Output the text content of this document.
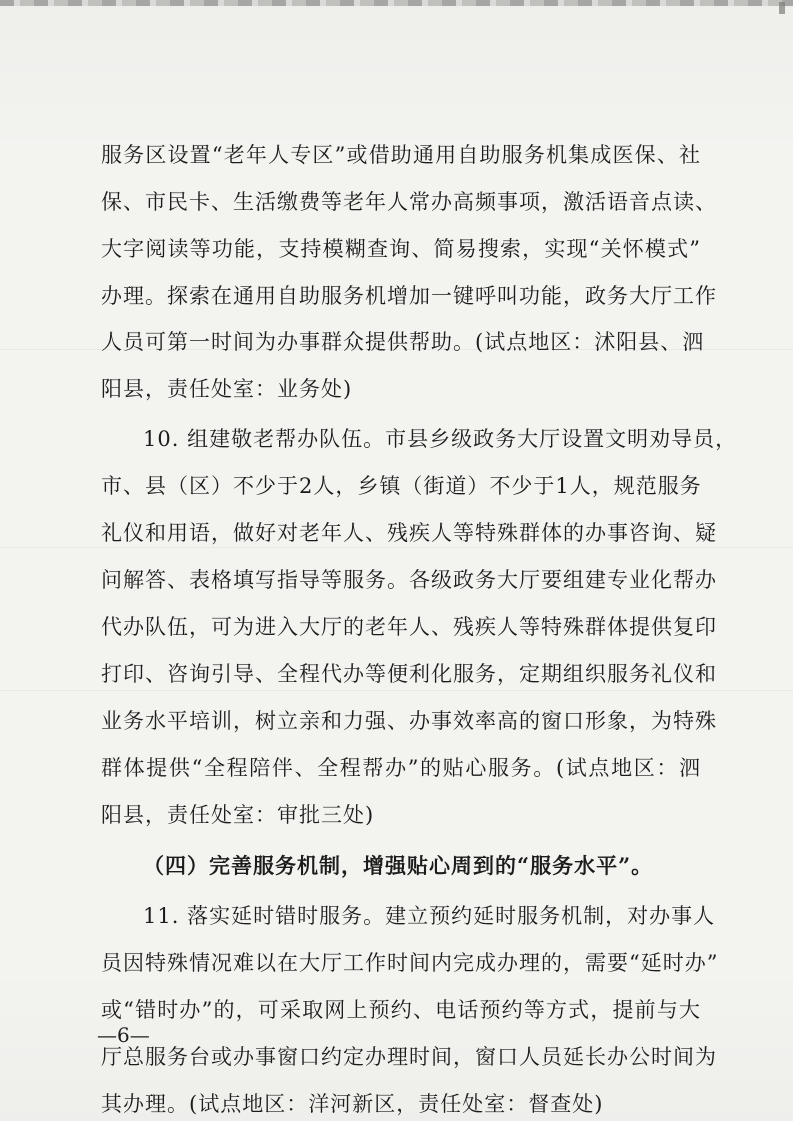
服务区设置“老年人专区”或借助通用自助服务机集成医保、社
保、市民卡、生活缴费等老年人常办高频事项，激活语音点读、
大字阅读等功能，支持模糊查询、简易搜索，实现“关怀模式”
办理。探索在通用自助服务机增加一键呼叫功能，政务大厅工作
人员可第一时间为办事群众提供帮助。(试点地区：沭阳县、泗
阳县，责任处室：业务处)
10. 组建敬老帮办队伍。市县乡级政务大厅设置文明劝导员，
市、县（区）不少于2人，乡镇（街道）不少于1人，规范服务
礼仪和用语，做好对老年人、残疾人等特殊群体的办事咨询、疑
问解答、表格填写指导等服务。各级政务大厅要组建专业化帮办
代办队伍，可为进入大厅的老年人、残疾人等特殊群体提供复印
打印、咨询引导、全程代办等便利化服务，定期组织服务礼仪和
业务水平培训，树立亲和力强、办事效率高的窗口形象，为特殊
群体提供“全程陪伴、全程帮办”的贴心服务。(试点地区：泗
阳县，责任处室：审批三处)
（四）完善服务机制，增强贴心周到的“服务水平”。
11. 落实延时错时服务。建立预约延时服务机制，对办事人
员因特殊情况难以在大厅工作时间内完成办理的，需要“延时办”
或“错时办”的，可采取网上预约、电话预约等方式，提前与大
厅总服务台或办事窗口约定办理时间，窗口人员延长办公时间为
其办理。(试点地区：洋河新区，责任处室：督查处)
—6—
